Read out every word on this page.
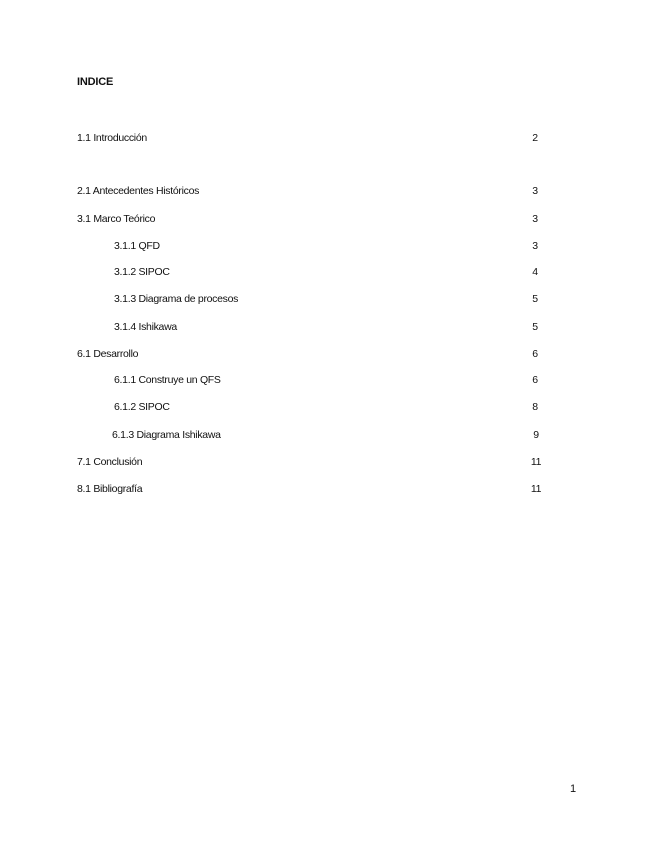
INDICE
1.1 Introducción	2
2.1 Antecedentes Históricos	3
3.1 Marco Teórico	3
3.1.1 QFD	3
3.1.2 SIPOC	4
3.1.3 Diagrama de procesos	5
3.1.4 Ishikawa	5
6.1 Desarrollo	6
6.1.1 Construye un QFS	6
6.1.2 SIPOC	8
6.1.3 Diagrama Ishikawa	9
7.1 Conclusión	11
8.1 Bibliografía	11
1
